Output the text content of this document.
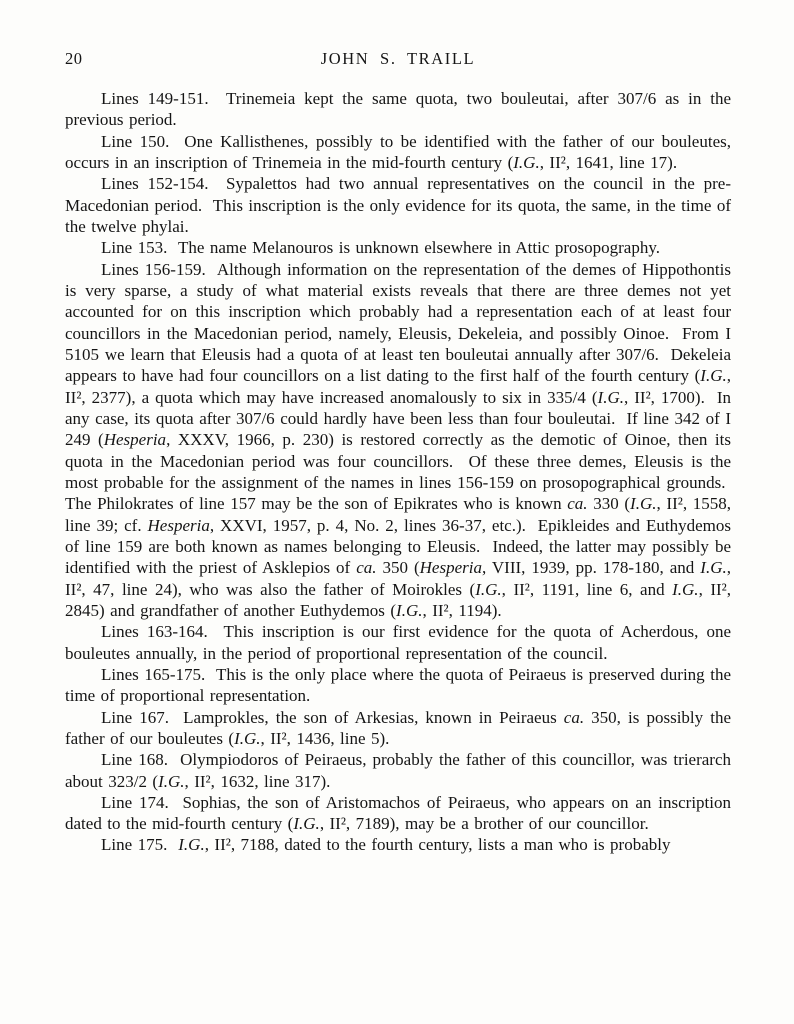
20	JOHN S. TRAILL

Lines 149-151.  Trinemeia kept the same quota, two bouleutai, after 307/6 as in the previous period.

Line 150.  One Kallisthenes, possibly to be identified with the father of our bouleutes, occurs in an inscription of Trinemeia in the mid-fourth century (I.G., II², 1641, line 17).

Lines 152-154.  Sypalettos had two annual representatives on the council in the pre-Macedonian period.  This inscription is the only evidence for its quota, the same, in the time of the twelve phylai.

Line 153.  The name Melanouros is unknown elsewhere in Attic prosopography.

Lines 156-159.  Although information on the representation of the demes of Hippothontis is very sparse, a study of what material exists reveals that there are three demes not yet accounted for on this inscription which probably had a representation each of at least four councillors in the Macedonian period, namely, Eleusis, Dekeleia, and possibly Oinoe.  From I 5105 we learn that Eleusis had a quota of at least ten bouleutai annually after 307/6.  Dekeleia appears to have had four councillors on a list dating to the first half of the fourth century (I.G., II², 2377), a quota which may have increased anomalously to six in 335/4 (I.G., II², 1700).  In any case, its quota after 307/6 could hardly have been less than four bouleutai.  If line 342 of I 249 (Hesperia, XXXV, 1966, p. 230) is restored correctly as the demotic of Oinoe, then its quota in the Macedonian period was four councillors.  Of these three demes, Eleusis is the most probable for the assignment of the names in lines 156-159 on prosopographical grounds.  The Philokrates of line 157 may be the son of Epikrates who is known ca. 330 (I.G., II², 1558, line 39; cf. Hesperia, XXVI, 1957, p. 4, No. 2, lines 36-37, etc.).  Epikleides and Euthydemos of line 159 are both known as names belonging to Eleusis.  Indeed, the latter may possibly be identified with the priest of Asklepios of ca. 350 (Hesperia, VIII, 1939, pp. 178-180, and I.G., II², 47, line 24), who was also the father of Moirokles (I.G., II², 1191, line 6, and I.G., II², 2845) and grandfather of another Euthydemos (I.G., II², 1194).

Lines 163-164.  This inscription is our first evidence for the quota of Acherdous, one bouleutes annually, in the period of proportional representation of the council.

Lines 165-175.  This is the only place where the quota of Peiraeus is preserved during the time of proportional representation.

Line 167.  Lamprokles, the son of Arkesias, known in Peiraeus ca. 350, is possibly the father of our bouleutes (I.G., II², 1436, line 5).

Line 168.  Olympiodoros of Peiraeus, probably the father of this councillor, was trierarch about 323/2 (I.G., II², 1632, line 317).

Line 174.  Sophias, the son of Aristomachos of Peiraeus, who appears on an inscription dated to the mid-fourth century (I.G., II², 7189), may be a brother of our councillor.

Line 175.  I.G., II², 7188, dated to the fourth century, lists a man who is probably
